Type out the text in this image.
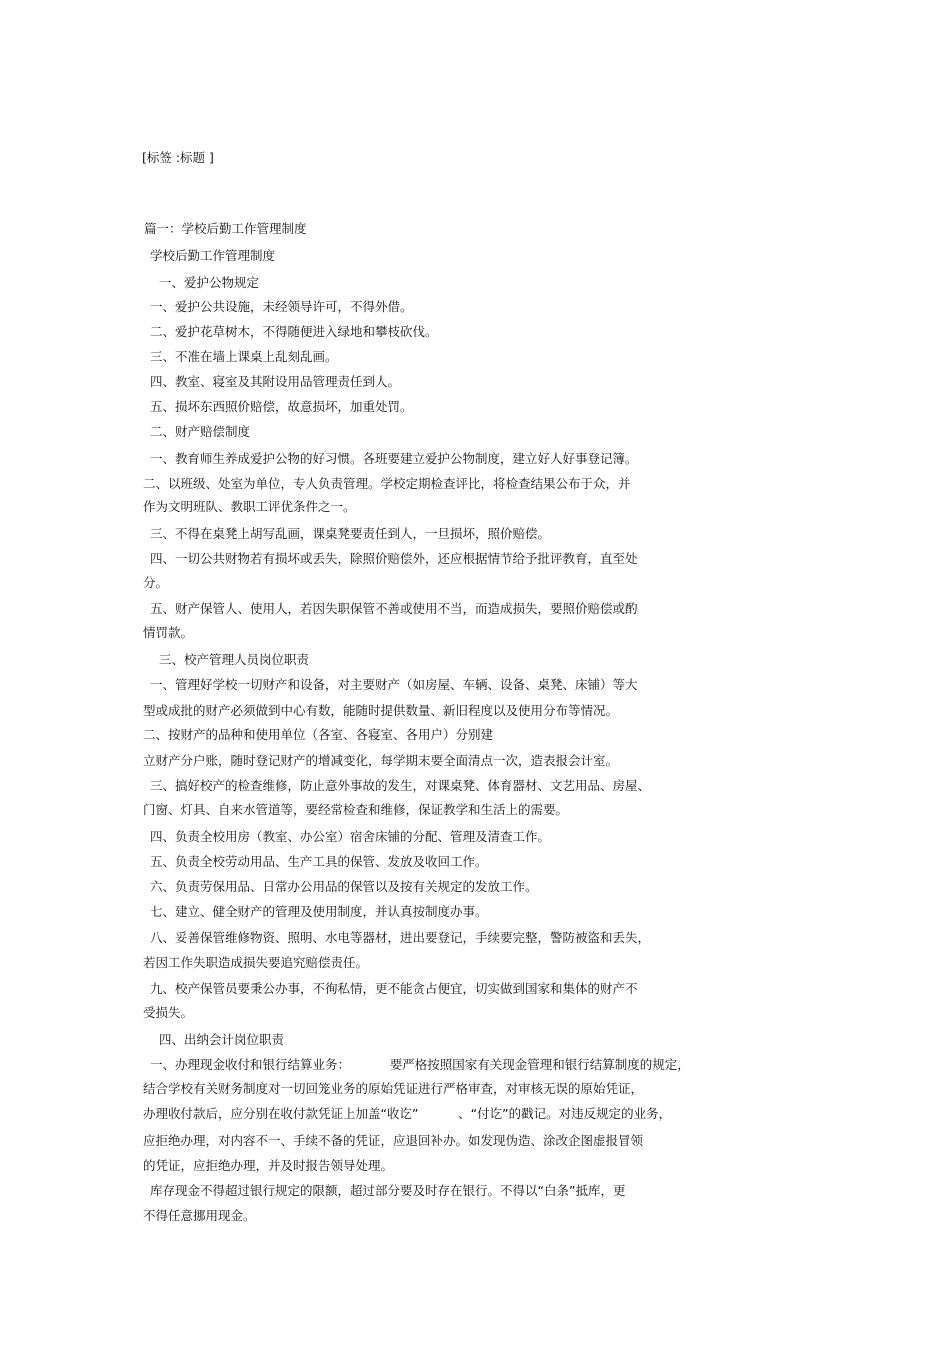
[标签 :标题 ]
篇一：学校后勤工作管理制度
学校后勤工作管理制度
一、爱护公物规定
一、爱护公共设施，未经领导许可，不得外借。
二、爱护花草树木，不得随便进入绿地和攀枝砍伐。
三、不准在墙上课桌上乱刻乱画。
四、教室、寝室及其附设用品管理责任到人。
五、损坏东西照价赔偿，故意损坏，加重处罚。
二、财产赔偿制度
一、教育师生养成爱护公物的好习惯。各班要建立爱护公物制度，建立好人好事登记簿。
二、以班级、处室为单位，专人负责管理。学校定期检查评比，将检查结果公布于众，并
作为文明班队、教职工评优条件之一。
三、不得在桌凳上胡写乱画，课桌凳要责任到人，一旦损坏，照价赔偿。
四、一切公共财物若有损坏或丢失，除照价赔偿外，还应根据情节给予批评教育，直至处
分。
五、财产保管人、使用人，若因失职保管不善或使用不当，而造成损失，要照价赔偿或酌
情罚款。
三、校产管理人员岗位职责
一、管理好学校一切财产和设备，对主要财产（如房屋、车辆、设备、桌凳、床铺）等大
型或成批的财产必须做到中心有数，能随时提供数量、新旧程度以及使用分布等情况。
二、按财产的品种和使用单位（各室、各寝室、各用户）分别建
立财产分户账，随时登记财产的增减变化，每学期末要全面清点一次，造表报会计室。
三、搞好校产的检查维修，防止意外事故的发生，对课桌凳、体育器材、文艺用品、房屋、
门窗、灯具、自来水管道等，要经常检查和维修，保证教学和生活上的需要。
四、负责全校用房（教室、办公室）宿舍床铺的分配、管理及清查工作。
五、负责全校劳动用品、生产工具的保管、发放及收回工作。
六、负责劳保用品、日常办公用品的保管以及按有关规定的发放工作。
七、建立、健全财产的管理及使用制度，并认真按制度办事。
八、妥善保管维修物资、照明、水电等器材，进出要登记，手续要完整，警防被盗和丢失，
若因工作失职造成损失要追究赔偿责任。
九、校产保管员要秉公办事，不徇私情，更不能贪占便宜，切实做到国家和集体的财产不
受损失。
四、出纳会计岗位职责
一、办理现金收付和银行结算业务：          要严格按照国家有关现金管理和银行结算制度的规定，
结合学校有关财务制度对一切回笼业务的原始凭证进行严格审查，对审核无误的原始凭证，
办理收付款后，应分别在收付款凭证上加盖“收讫”          、“付讫”的戳记。对违反规定的业务，
应拒绝办理，对内容不一、手续不备的凭证，应退回补办。如发现伪造、涂改企图虚报冒领
的凭证，应拒绝办理，并及时报告领导处理。
库存现金不得超过银行规定的限额，超过部分要及时存在银行。不得以“白条”抵库，更
不得任意挪用现金。
